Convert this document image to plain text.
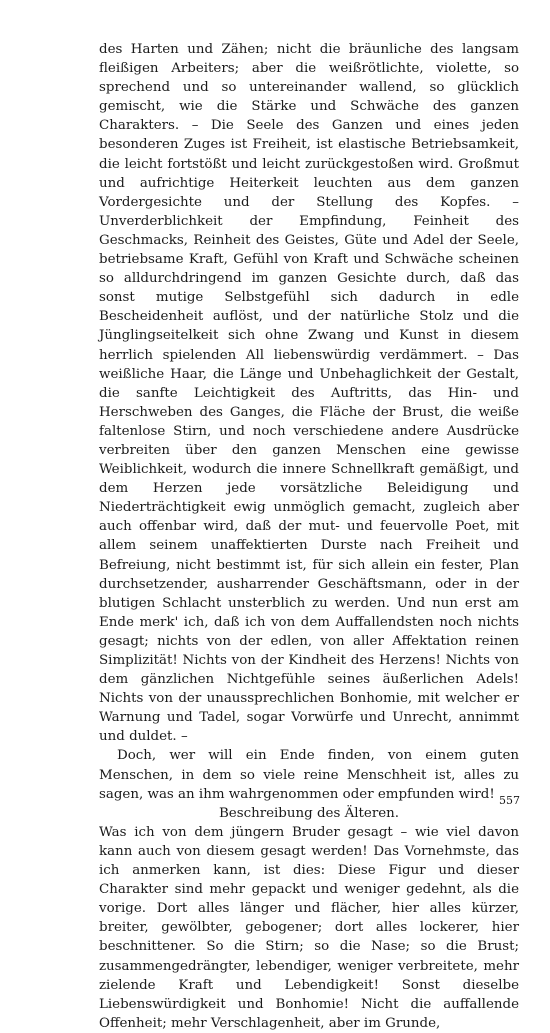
des Harten und Zähen; nicht die bräunliche des langsam fleißigen Arbeiters; aber die weißrötlichte, violette, so sprechend und so untereinander wallend, so glücklich gemischt, wie die Stärke und Schwäche des ganzen Charakters. – Die Seele des Ganzen und eines jeden besonderen Zuges ist Freiheit, ist elastische Betriebsamkeit, die leicht fortstößt und leicht zurückgestoßen wird. Großmut und aufrichtige Heiterkeit leuchten aus dem ganzen Vordergesichte und der Stellung des Kopfes. – Unverderblichkeit der Empfindung, Feinheit des Geschmacks, Reinheit des Geistes, Güte und Adel der Seele, betriebsame Kraft, Gefühl von Kraft und Schwäche scheinen so alldurchdringend im ganzen Gesichte durch, daß das sonst mutige Selbstgefühl sich dadurch in edle Bescheidenheit auflöst, und der natürliche Stolz und die Jünglingseitelkeit sich ohne Zwang und Kunst in diesem herrlich spielenden All liebenswürdig verdämmert. – Das weißliche Haar, die Länge und Unbehaglichkeit der Gestalt, die sanfte Leichtigkeit des Auftritts, das Hin- und Herschweben des Ganges, die Fläche der Brust, die weiße faltenlose Stirn, und noch verschiedene andere Ausdrücke verbreiten über den ganzen Menschen eine gewisse Weiblichkeit, wodurch die innere Schnellkraft gemäßigt, und dem Herzen jede vorsätzliche Beleidigung und Niederträchtigkeit ewig unmöglich gemacht, zugleich aber auch offenbar wird, daß der mut- und feuervolle Poet, mit allem seinem unaffektierten Durste nach Freiheit und Befreiung, nicht bestimmt ist, für sich allein ein fester, Plan durchsetzender, ausharrender Geschäftsmann, oder in der blutigen Schlacht unsterblich zu werden. Und nun erst am Ende merk' ich, daß ich von dem Auffallendsten noch nichts gesagt; nichts von der edlen, von aller Affektation reinen Simplizität! Nichts von der Kindheit des Herzens! Nichts von dem gänzlichen Nichtgefühle seines äußerlichen Adels! Nichts von der unaussprechlichen Bonhomie, mit welcher er Warnung und Tadel, sogar Vorwürfe und Unrecht, annimmt und duldet. –

Doch, wer will ein Ende finden, von einem guten Menschen, in dem so viele reine Menschheit ist, alles zu sagen, was an ihm wahrgenommen oder empfunden wird!

Beschreibung des Älteren.

Was ich von dem jüngern Bruder gesagt – wie viel davon kann auch von diesem gesagt werden! Das Vornehmste, das ich anmerken kann, ist dies: Diese Figur und dieser Charakter sind mehr gepackt und weniger gedehnt, als die vorige. Dort alles länger und flächer, hier alles kürzer, breiter, gewölbter, gebogener; dort alles lockerer, hier beschnittener. So die Stirn; so die Nase; so die Brust; zusammengedrängter, lebendiger, weniger verbreitete, mehr zielende Kraft und Lebendigkeit! Sonst dieselbe Liebenswürdigkeit und Bonhomie! Nicht die auffallende Offenheit; mehr Verschlagenheit, aber im Grunde,

557
